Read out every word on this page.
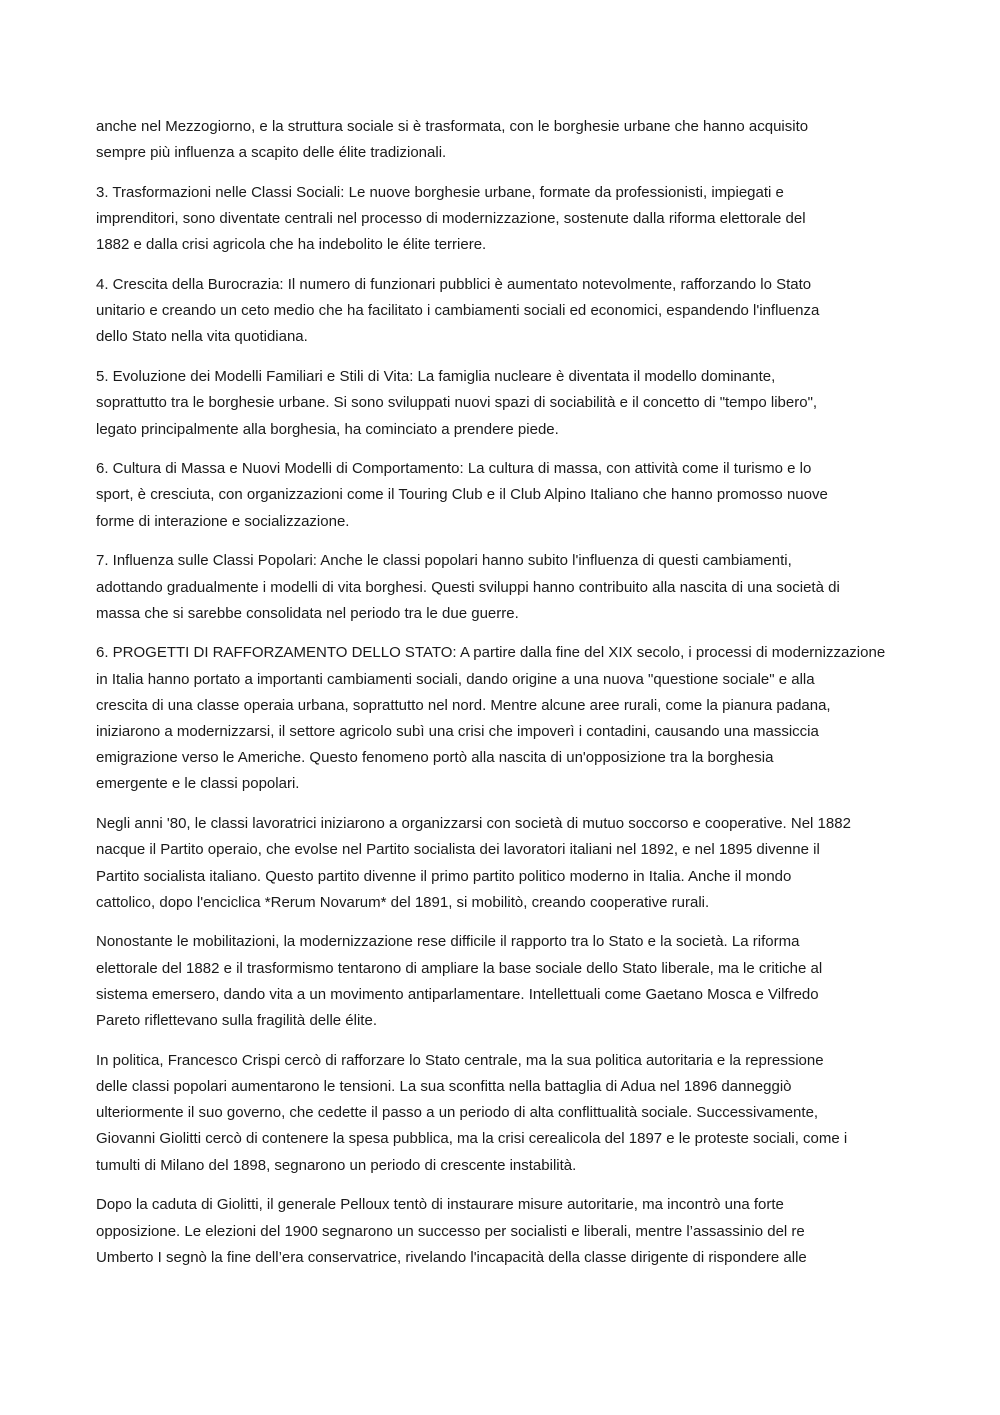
anche nel Mezzogiorno, e la struttura sociale si è trasformata, con le borghesie urbane che hanno acquisito
sempre più influenza a scapito delle élite tradizionali.

3. Trasformazioni nelle Classi Sociali: Le nuove borghesie urbane, formate da professionisti, impiegati e
imprenditori, sono diventate centrali nel processo di modernizzazione, sostenute dalla riforma elettorale del
1882 e dalla crisi agricola che ha indebolito le élite terriere.

4. Crescita della Burocrazia: Il numero di funzionari pubblici è aumentato notevolmente, rafforzando lo Stato
unitario e creando un ceto medio che ha facilitato i cambiamenti sociali ed economici, espandendo l'influenza
dello Stato nella vita quotidiana.

5. Evoluzione dei Modelli Familiari e Stili di Vita: La famiglia nucleare è diventata il modello dominante,
soprattutto tra le borghesie urbane. Si sono sviluppati nuovi spazi di sociabilità e il concetto di "tempo libero",
legato principalmente alla borghesia, ha cominciato a prendere piede.

6. Cultura di Massa e Nuovi Modelli di Comportamento: La cultura di massa, con attività come il turismo e lo
sport, è cresciuta, con organizzazioni come il Touring Club e il Club Alpino Italiano che hanno promosso nuove
forme di interazione e socializzazione.

7. Influenza sulle Classi Popolari: Anche le classi popolari hanno subito l'influenza di questi cambiamenti,
adottando gradualmente i modelli di vita borghesi. Questi sviluppi hanno contribuito alla nascita di una società di
massa che si sarebbe consolidata nel periodo tra le due guerre.

6. PROGETTI DI RAFFORZAMENTO DELLO STATO: A partire dalla fine del XIX secolo, i processi di modernizzazione
in Italia hanno portato a importanti cambiamenti sociali, dando origine a una nuova "questione sociale" e alla
crescita di una classe operaia urbana, soprattutto nel nord. Mentre alcune aree rurali, come la pianura padana,
iniziarono a modernizzarsi, il settore agricolo subì una crisi che impoverì i contadini, causando una massiccia
emigrazione verso le Americhe. Questo fenomeno portò alla nascita di un'opposizione tra la borghesia
emergente e le classi popolari.

Negli anni '80, le classi lavoratrici iniziarono a organizzarsi con società di mutuo soccorso e cooperative. Nel 1882
nacque il Partito operaio, che evolse nel Partito socialista dei lavoratori italiani nel 1892, e nel 1895 divenne il
Partito socialista italiano. Questo partito divenne il primo partito politico moderno in Italia. Anche il mondo
cattolico, dopo l'enciclica *Rerum Novarum* del 1891, si mobilitò, creando cooperative rurali.

Nonostante le mobilitazioni, la modernizzazione rese difficile il rapporto tra lo Stato e la società. La riforma
elettorale del 1882 e il trasformismo tentarono di ampliare la base sociale dello Stato liberale, ma le critiche al
sistema emersero, dando vita a un movimento antiparlamentare. Intellettuali come Gaetano Mosca e Vilfredo
Pareto riflettevano sulla fragilità delle élite.

In politica, Francesco Crispi cercò di rafforzare lo Stato centrale, ma la sua politica autoritaria e la repressione
delle classi popolari aumentarono le tensioni. La sua sconfitta nella battaglia di Adua nel 1896 danneggiò
ulteriormente il suo governo, che cedette il passo a un periodo di alta conflittualità sociale. Successivamente,
Giovanni Giolitti cercò di contenere la spesa pubblica, ma la crisi cerealicola del 1897 e le proteste sociali, come i
tumulti di Milano del 1898, segnarono un periodo di crescente instabilità.

Dopo la caduta di Giolitti, il generale Pelloux tentò di instaurare misure autoritarie, ma incontrò una forte
opposizione. Le elezioni del 1900 segnarono un successo per socialisti e liberali, mentre l’assassinio del re
Umberto I segnò la fine dell’era conservatrice, rivelando l'incapacità della classe dirigente di rispondere alle
